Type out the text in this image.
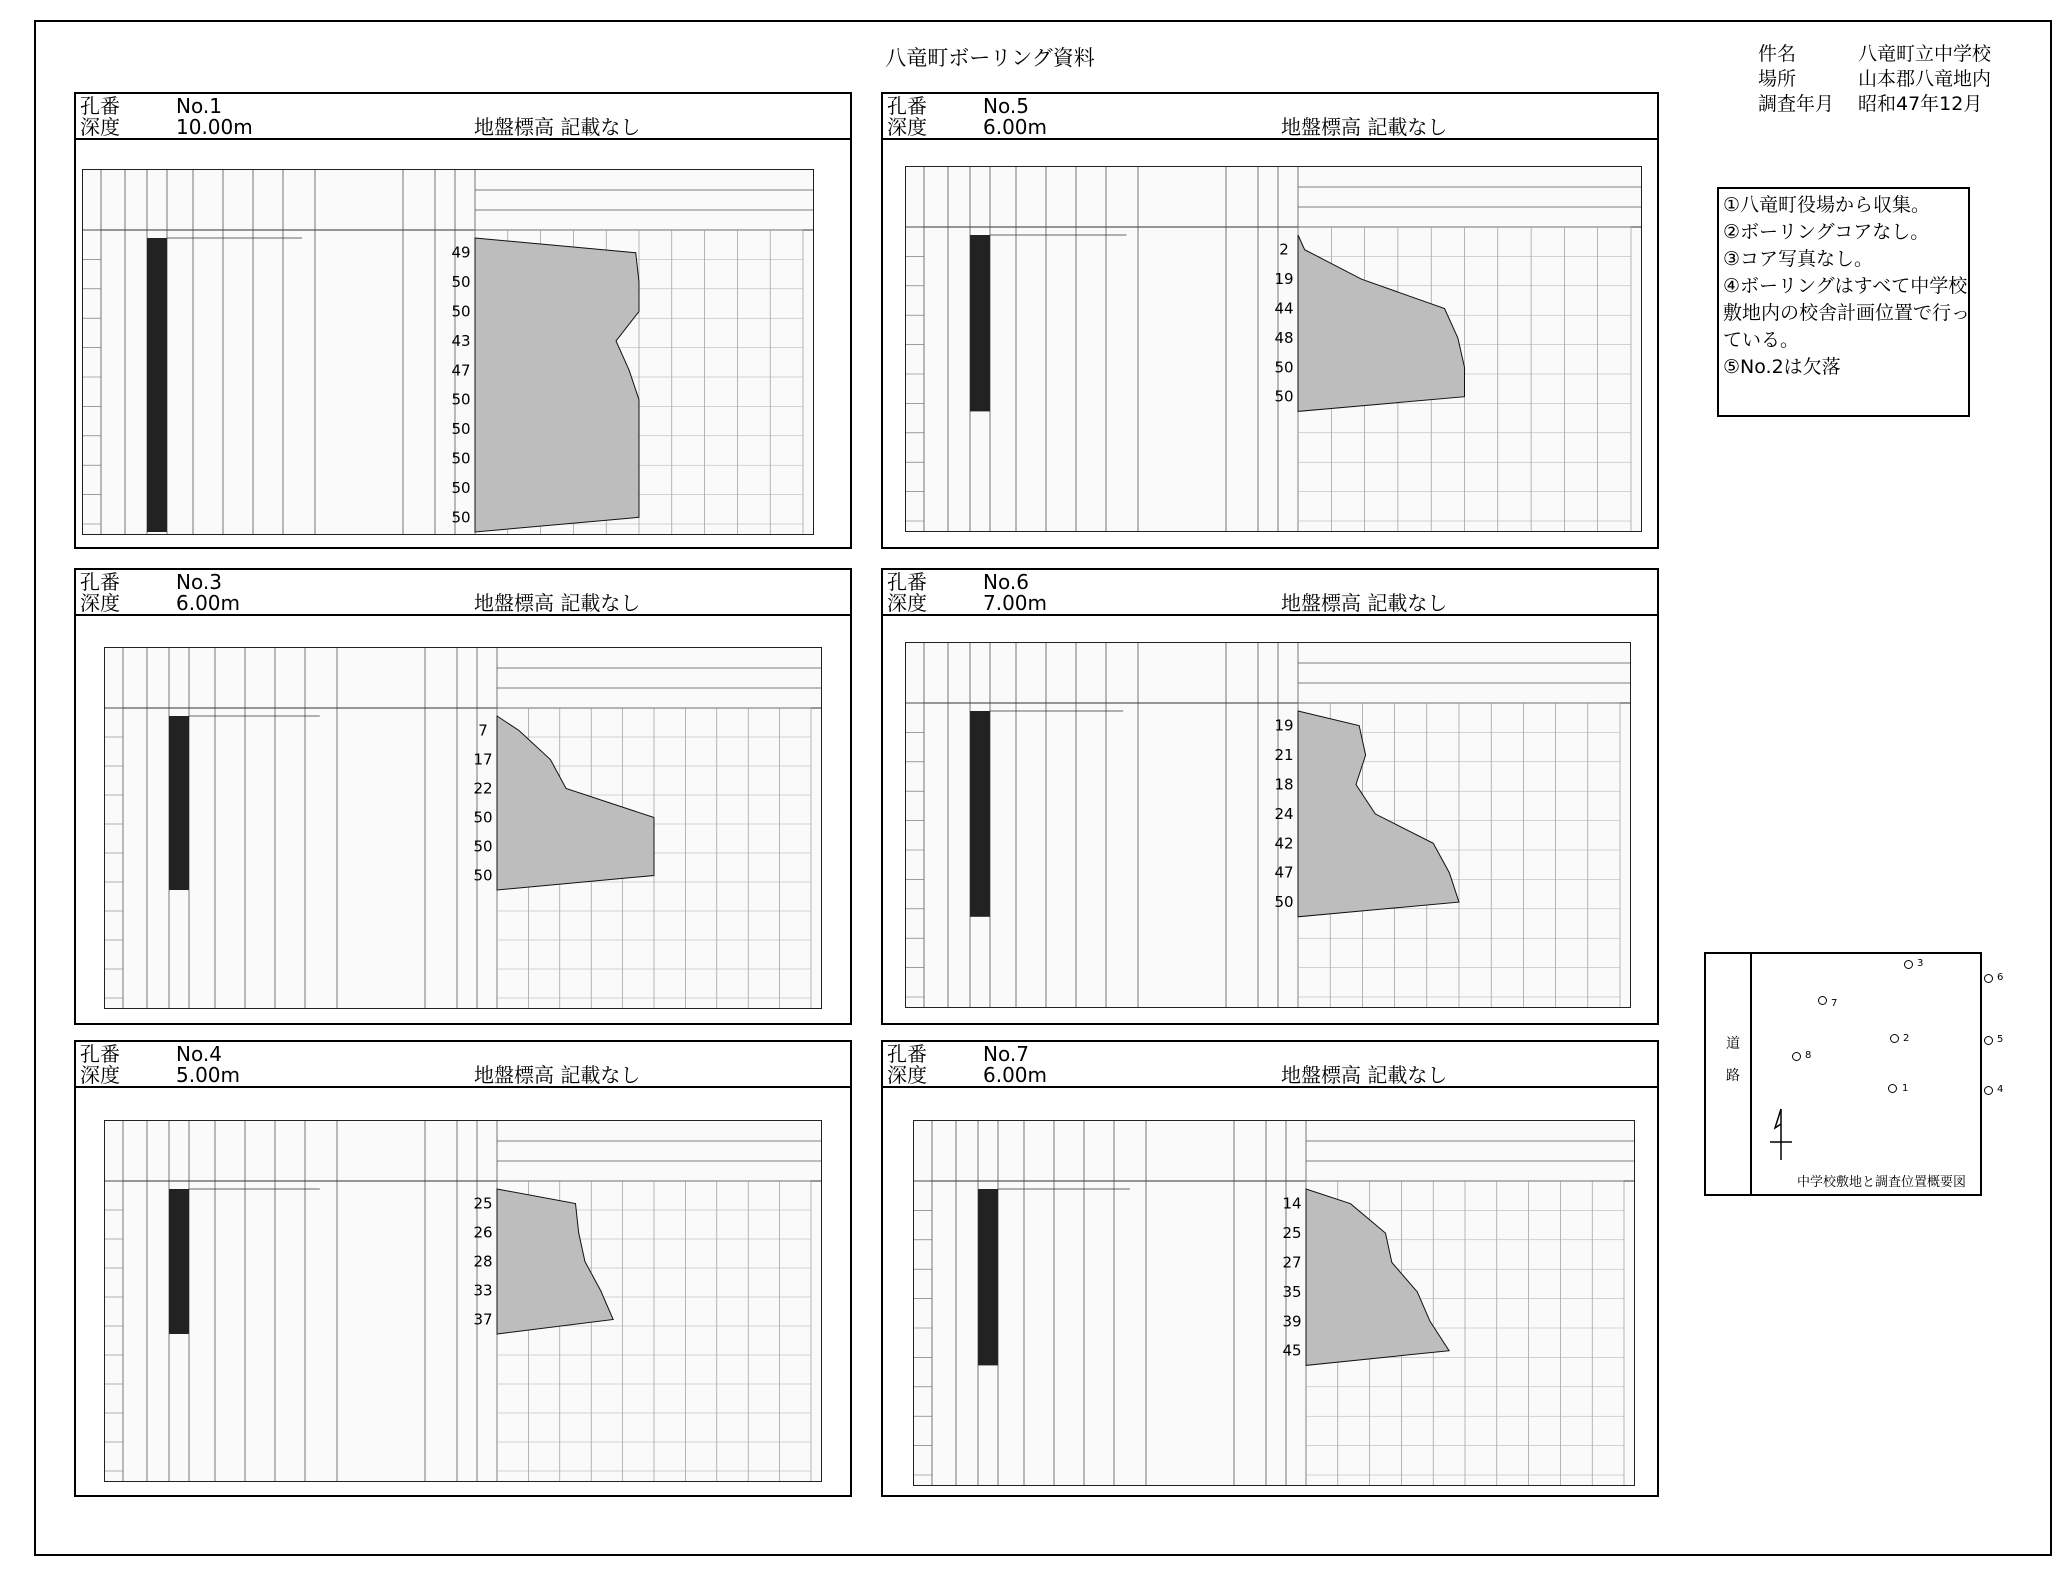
八竜町ボーリング資料	件名	八竜町立中学校
場所	山本郡八竜地内
調査年月 昭和47年12月
孔番	No.1
深度	10.00m	地盤標高 記載なし
49
50
50
43
47
50
50
50
50
50
孔番	No.5
深度	6.00m	地盤標高 記載なし
2
19
44
48
50
50
孔番	No.3
深度	6.00m	地盤標高 記載なし
7
17
22
50
50
50
孔番	No.6
深度	7.00m	地盤標高 記載なし
19
21
18
24
42
47
50
孔番	No.4
深度	5.00m	地盤標高 記載なし
25
26
28
33
37
孔番	No.7
深度	6.00m	地盤標高 記載なし
14
25
27
35
39
45
①八竜町役場から収集。
②ボーリングコアなし。
③コア写真なし。
④ボーリングはすべて中学校
敷地内の校舎計画位置で行っ
ている。
⑤No.2は欠落
道路
3
6
7
2	5
8
1	4
中学校敷地と調査位置概要図
